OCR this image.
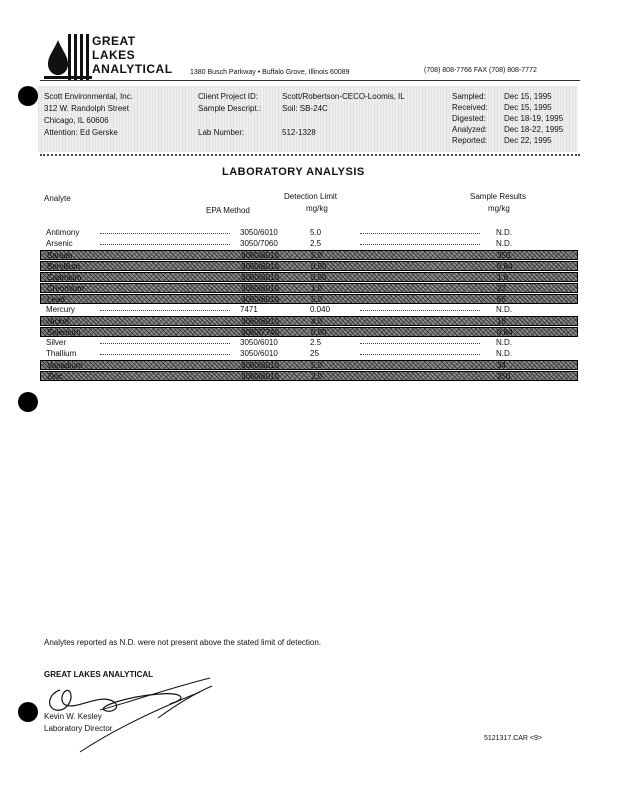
GREAT
LAKES
ANALYTICAL 1380 Busch Parkway • Buffalo Grove, Illinois 60089	(708) 808-7766 FAX (708) 808-7772
Scott Environmental, Inc.
312 W. Randolph Street
Chicago, IL 60606
Attention: Ed Gerske
Client Project ID:	Scott/Robertson-CECO-Loomis, IL
Sample Descript.:	Soil: SB-24C
Lab Number:	512-1328
Sampled: Dec 15, 1995
Received: Dec 15, 1995
Digested: Dec 18-19, 1995
Analyzed: Dec 18-22, 1995
Reported: Dec 22, 1995
LABORATORY ANALYSIS
Analyte
EPA Method
Detection Limit
mg/kg
Sample Results
mg/kg
Antimony	3050/6010	5.0	N.D.
Arsenic	3050/7060	2.5	N.D.
Barium	3050/6010	5.0	350
Beryllium	3050/6010	0.50	0.84
Cadmium	3050/6010	0.50	1.6
Chromium	3050/6010	1.0	22
Lead	3050/6010	5.0	66
Mercury	7471	0.040	N.D.
Nickel	3050/6010	4.0	18
Selenium	3050/7740	0.50	0.84
Silver	3050/6010	2.5	N.D.
Thallium	3050/6010	25	N.D.
Vanadium	3050/6010	5.0	34
Zinc	3050/6010	2.0	250
Analytes reported as N.D. were not present above the stated limit of detection.
GREAT LAKES ANALYTICAL
Kevin W. Kesley
Laboratory Director
5121317.CAR <9>
